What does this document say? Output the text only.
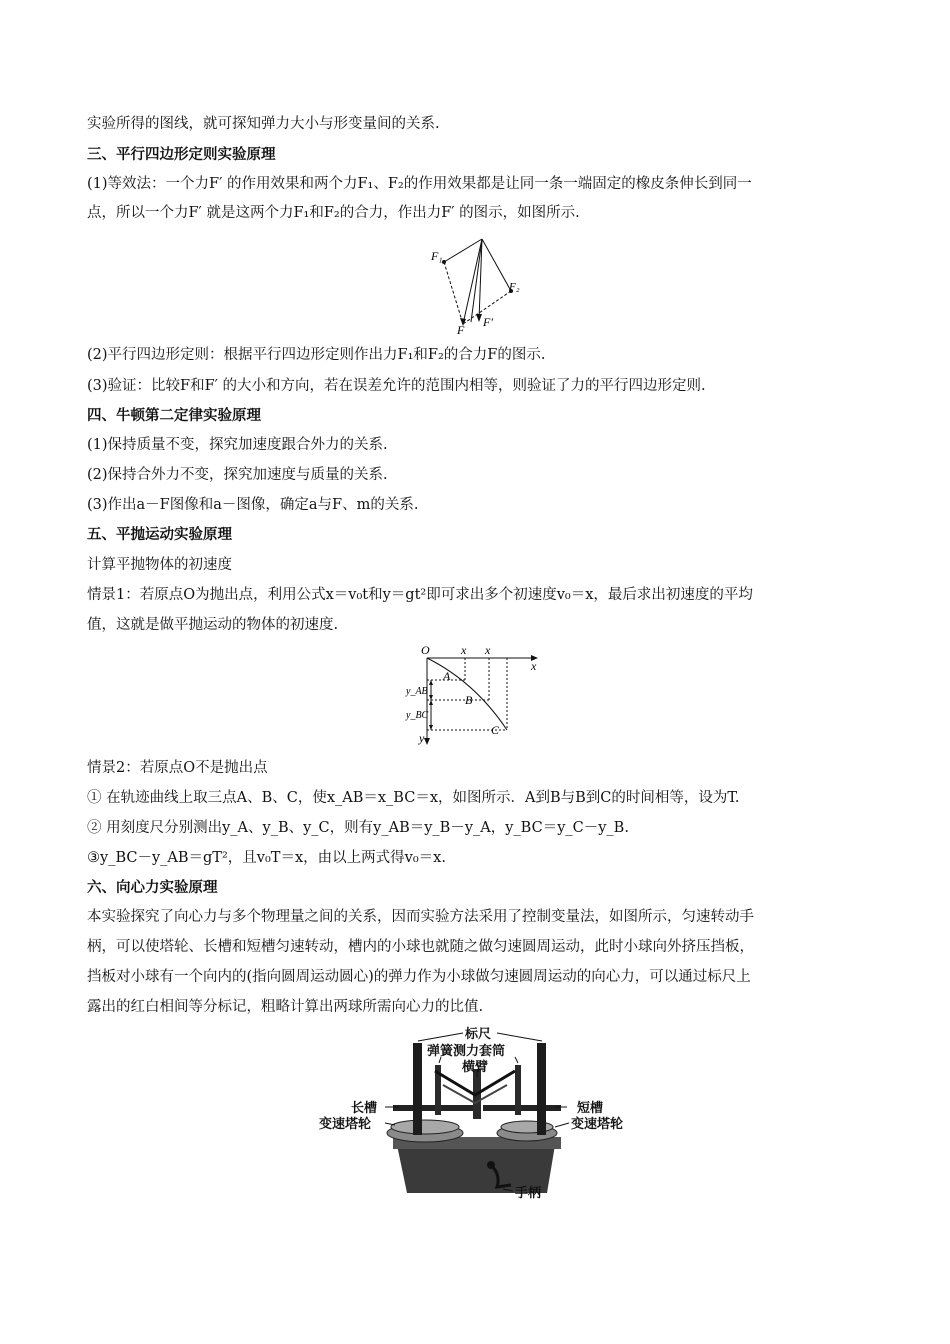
实验所得的图线，就可探知弹力大小与形变量间的关系.
三、平行四边形定则实验原理
(1)等效法：一个力F′ 的作用效果和两个力F₁、F₂的作用效果都是让同一条一端固定的橡皮条伸长到同一
点，所以一个力F′ 就是这两个力F₁和F₂的合力，作出力F′ 的图示，如图所示.
F₁
F₂
F
F′
(2)平行四边形定则：根据平行四边形定则作出力F₁和F₂的合力F的图示.
(3)验证：比较F和F′ 的大小和方向，若在误差允许的范围内相等，则验证了力的平行四边形定则.
四、牛顿第二定律实验原理
(1)保持质量不变，探究加速度跟合外力的关系.
(2)保持合外力不变，探究加速度与质量的关系.
(3)作出a－F图像和a－图像，确定a与F、m的关系.
五、平抛运动实验原理
计算平抛物体的初速度
情景1：若原点O为抛出点，利用公式x＝v₀t和y＝gt²即可求出多个初速度v₀＝x，最后求出初速度的平均
值，这就是做平抛运动的物体的初速度.
O	x x
x
y
y_AB
y_BC
A
B
C
情景2：若原点O不是抛出点
① 在轨迹曲线上取三点A、B、C，使x_AB＝x_BC＝x，如图所示．A到B与B到C的时间相等，设为T.
② 用刻度尺分别测出y_A、y_B、y_C，则有y_AB＝y_B－y_A，y_BC＝y_C－y_B.
③y_BC－y_AB＝gT²，且v₀T＝x，由以上两式得v₀＝x.
六、向心力实验原理
本实验探究了向心力与多个物理量之间的关系，因而实验方法采用了控制变量法，如图所示，匀速转动手
柄，可以使塔轮、长槽和短槽匀速转动，槽内的小球也就随之做匀速圆周运动，此时小球向外挤压挡板，
挡板对小球有一个向内的(指向圆周运动圆心)的弹力作为小球做匀速圆周运动的向心力，可以通过标尺上
露出的红白相间等分标记，粗略计算出两球所需向心力的比值.
标尺
弹簧测力套筒
横臂
长槽
变速塔轮
短槽
变速塔轮
手柄
